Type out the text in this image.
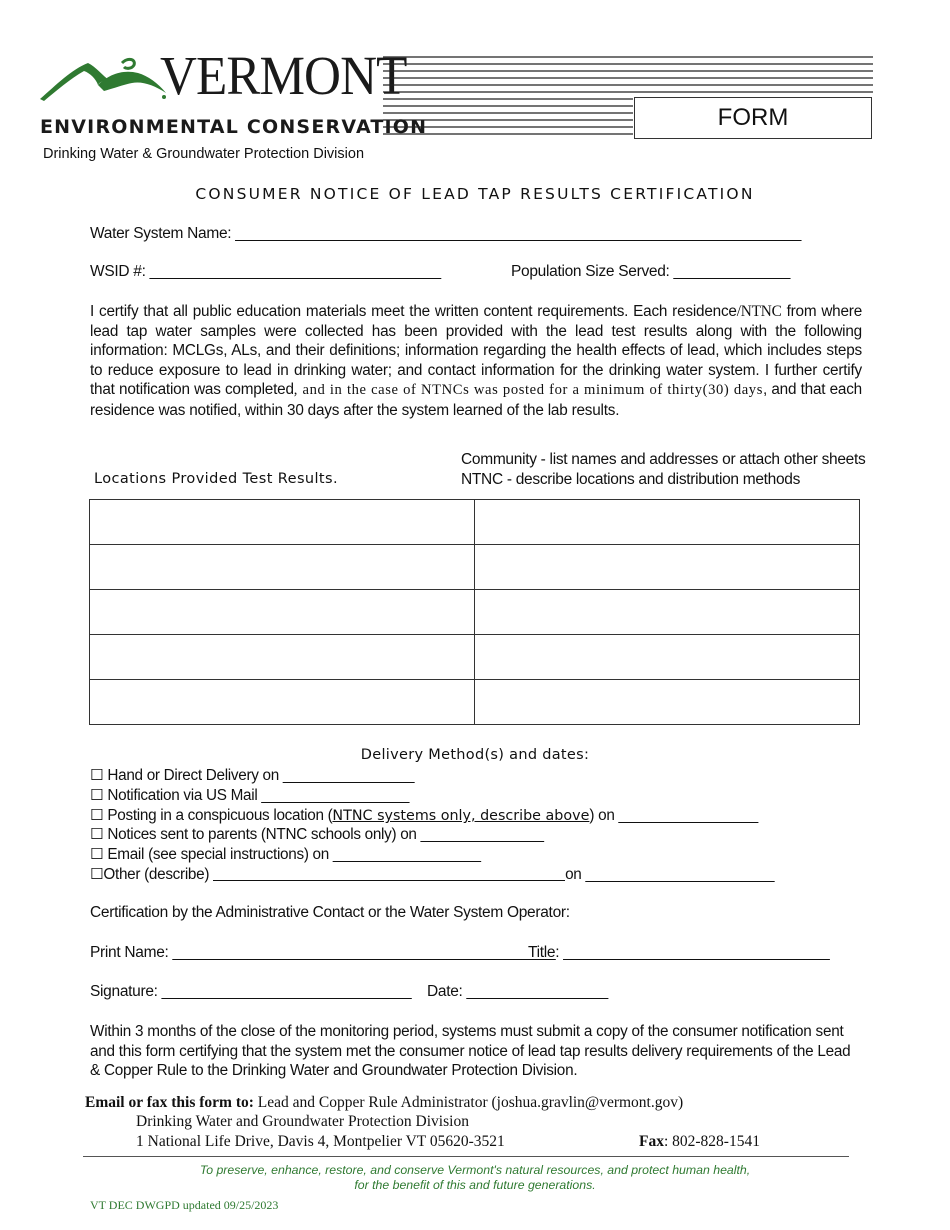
VERMONT
ENVIRONMENTAL CONSERVATION
Drinking Water & Groundwater Protection Division
FORM
CONSUMER NOTICE OF LEAD TAP RESULTS CERTIFICATION
Water System Name: ____________________________________________________________________
WSID #: ___________________________________	Population Size Served: ______________

I certify that all public education materials meet the written content requirements. Each residence/NTNC from where lead tap water samples were collected has been provided with the lead test results along with the following information: MCLGs, ALs, and their definitions; information regarding the health effects of lead, which includes steps to reduce exposure to lead in drinking water; and contact information for the drinking water system. I further certify that notification was completed, and in the case of NTNCs was posted for a minimum of thirty(30) days, and that each residence was notified, within 30 days after the system learned of the lab results.

Locations Provided Test Results.
Community - list names and addresses or attach other sheets
NTNC - describe locations and distribution methods

Delivery Method(s) and dates:
☐ Hand or Direct Delivery on ________________
☐ Notification via US Mail __________________
☐ Posting in a conspicuous location (NTNC systems only, describe above) on _________________
☐ Notices sent to parents (NTNC schools only) on _______________
☐ Email (see special instructions) on __________________
☐Other (describe)	on _______________________
Certification by the Administrative Contact or the Water System Operator:
Print Name: ______________________________________________
Title: ________________________________
Signature: ______________________________ Date: _________________

Within 3 months of the close of the monitoring period, systems must submit a copy of the consumer notification sent and this form certifying that the system met the consumer notice of lead tap results delivery requirements of the Lead & Copper Rule to the Drinking Water and Groundwater Protection Division.

Email or fax this form to: Lead and Copper Rule Administrator (joshua.gravlin@vermont.gov)
Drinking Water and Groundwater Protection Division
1 National Life Drive, Davis 4, Montpelier VT 05620-3521	Fax: 802-828-1541
To preserve, enhance, restore, and conserve Vermont's natural resources, and protect human health,
for the benefit of this and future generations.
VT DEC DWGPD updated 09/25/2023
